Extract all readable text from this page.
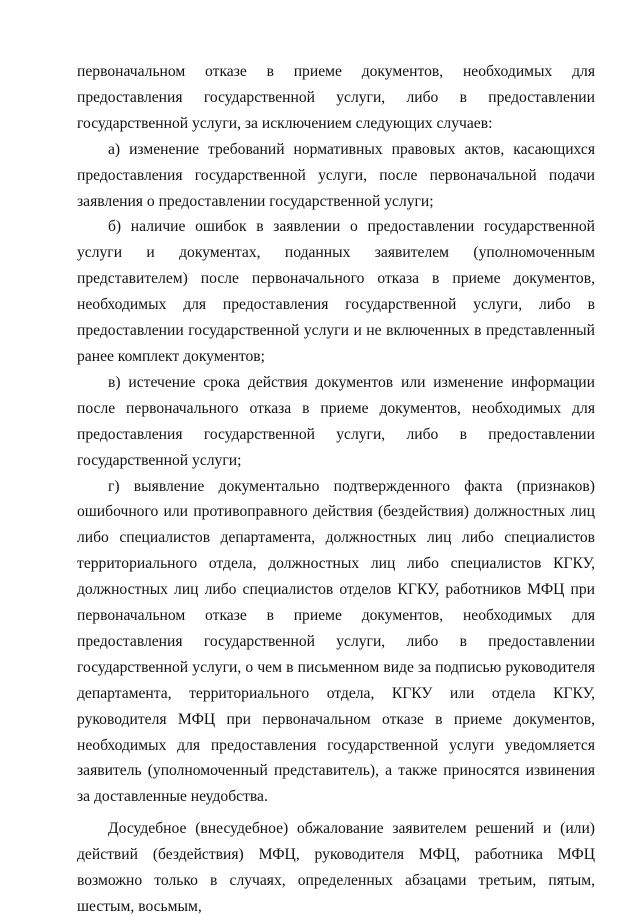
первоначальном отказе в приеме документов, необходимых для предоставления государственной услуги, либо в предоставлении государственной услуги, за исключением следующих случаев:

а) изменение требований нормативных правовых актов, касающихся предоставления государственной услуги, после первоначальной подачи заявления о предоставлении государственной услуги;

б) наличие ошибок в заявлении о предоставлении государственной услуги и документах, поданных заявителем (уполномоченным представителем) после первоначального отказа в приеме документов, необходимых для предоставления государственной услуги, либо в предоставлении государственной услуги и не включенных в представленный ранее комплект документов;

в) истечение срока действия документов или изменение информации после первоначального отказа в приеме документов, необходимых для предоставления государственной услуги, либо в предоставлении государственной услуги;

г) выявление документально подтвержденного факта (признаков) ошибочного или противоправного действия (бездействия) должностных лиц либо специалистов департамента, должностных лиц либо специалистов территориального отдела, должностных лиц либо специалистов КГКУ, должностных лиц либо специалистов отделов КГКУ, работников МФЦ при первоначальном отказе в приеме документов, необходимых для предоставления государственной услуги, либо в предоставлении государственной услуги, о чем в письменном виде за подписью руководителя департамента, территориального отдела, КГКУ или отдела КГКУ, руководителя МФЦ при первоначальном отказе в приеме документов, необходимых для предоставления государственной услуги уведомляется заявитель (уполномоченный представитель), а также приносятся извинения за доставленные неудобства.

Досудебное (внесудебное) обжалование заявителем решений и (или) действий (бездействия) МФЦ, руководителя МФЦ, работника МФЦ возможно только в случаях, определенных абзацами третьим, пятым, шестым, восьмым,
